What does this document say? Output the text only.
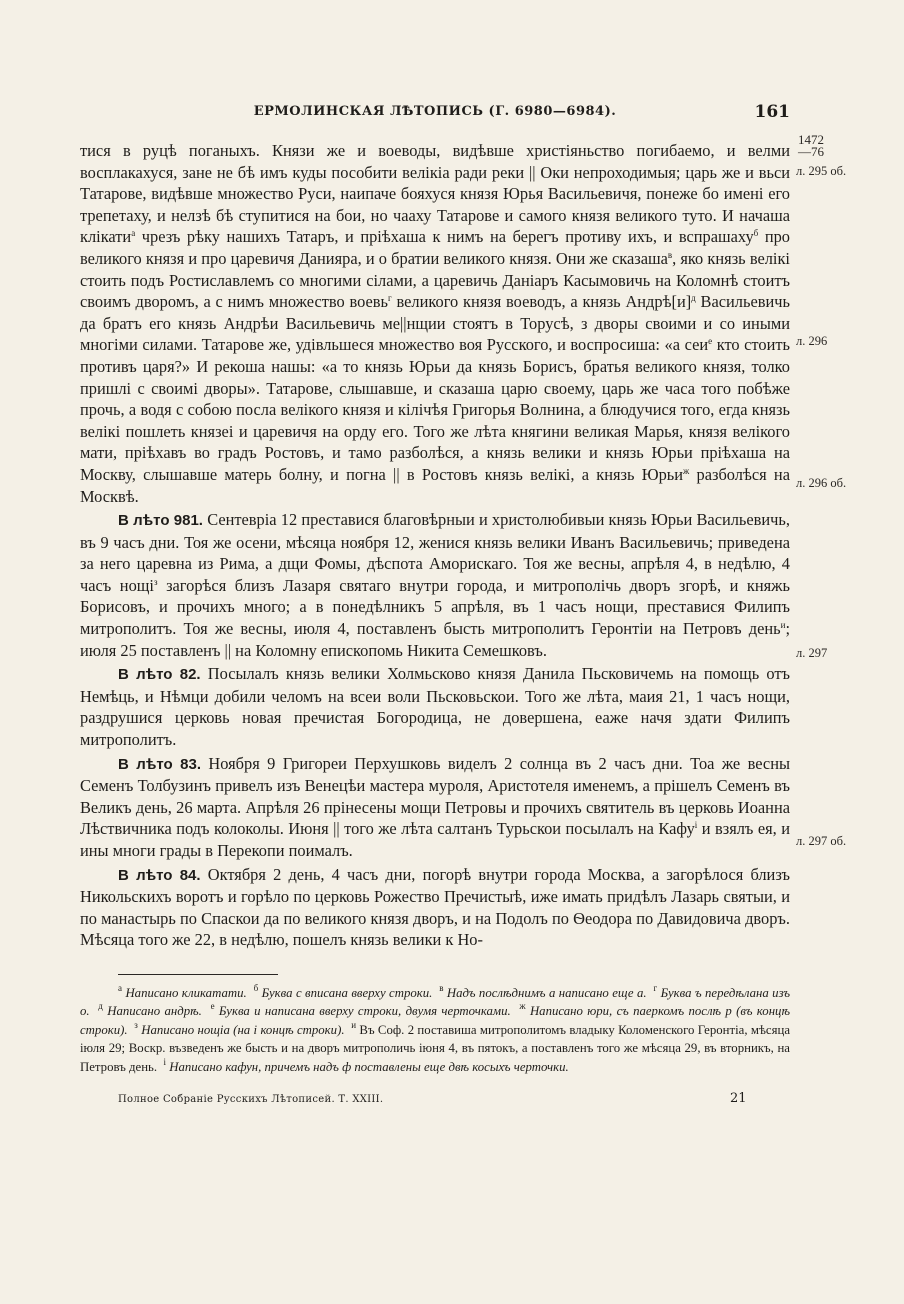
ЕРМОЛИНСКАЯ ЛѢТОПИСЬ (Г. 6980—6984).	161
1472
—76
л. 295 об.
л. 296
л. 296 об.
л. 297
л. 297 об.

тися в руцѣ поганыхъ. Князи же и воеводы, видѣвше христіяньство погибаемо, и велми восплакахуся, зане не бѣ имъ куды пособити велікіа ради реки || Оки непроходимыя; царь же и вьси Татарове, видѣвше множество Руси, наипаче бояхуся князя Юрья Васильевичя, понеже бо имені его трепетаху, и нелзѣ бѣ ступитися на бои, но чааху Татарове и самого князя великого туто. И начаша клікати$^а$ чрезъ рѣку нашихъ Татаръ, и пріѣхаша к нимъ на берегъ противу ихъ, и вспрашаху$^б$ про великого князя и про царевичя Данияра, и о братии великого князя. Они же сказаша$^в$, яко князь велікі стоить подъ Ростиславлемъ со многими сілами, а царевичь Даніаръ Касымовичь на Коломнѣ стоитъ своимъ дворомъ, а с нимъ множество воевь$^г$ великого князя воеводъ, а князь $Андрѣ[и]^д$ Васильевичь да братъ его князь Андрѣи Васильевичь ме||нщии стоятъ в Торусѣ, з дворы своими и со иными многіми силами. Татарове же, удівльшеся множество воя Русского, и воспросиша: «а сеи$^е$ кто стоить противъ царя?» И рекоша нашы: «а то князь Юрьи да князь Борисъ, братья великого князя, толко пришлі с своимі дворы». Татарове, слышавше, и сказаша царю своему, царь же часа того побѣже прочь, а водя с собою посла велікого князя и кілічѣя Григорья Волнина, а блюдучися того, егда князь велікі пошлеть князеі и царевичя на орду его. Того же лѣта княгини великая Марья, князя велікого мати, пріѣхавъ во градъ Ростовъ, и тамо разболѣся, а князь велики и князь Юрьи пріѣхаша на Москву, слышавше матерь болну, и погна || в Ростовъ князь велікі, а князь Юрьи$^ж$ разболѣся на Москвѣ.

В лѣто 981. Сентевріа 12 преставися благовѣрныи и христолюбивыи князь Юрьи Васильевичь, въ 9 часъ дни. Тоя же осени, мѣсяца ноября 12, женися князь велики Иванъ Васильевичь; приведена за него царевна из Рима, а дщи Фомы, дѣспота Аморискаго. Тоя же весны, апрѣля 4, в недѣлю, 4 часъ нощі$^з$ загорѣся близъ Лазаря святаго внутри города, и митрополічь дворъ згорѣ, и княжь Борисовъ, и прочихъ много; а в понедѣлникъ 5 апрѣля, въ 1 часъ нощи, преставися Филипъ митрополитъ. Тоя же весны, июля 4, поставленъ бысть митрополитъ Геронтіи на Петровъ день$^и$; июля 25 поставленъ || на Коломну епископомь Никита Семешковъ.

В лѣто 82. Посылалъ князь велики Холмьсково князя Данила Пьсковичемь на помощь отъ Немѣць, и Нѣмци добили челомъ на всеи воли Пьсковьскои. Того же лѣта, маия 21, 1 часъ нощи, раздрушися церковь новая пречистая Богородица, не довершена, еаже начя здати Филипъ митрополитъ.

В лѣто 83. Ноября 9 Григореи Перхушковь виделъ 2 солнца въ 2 часъ дни. Тоа же весны Семенъ Толбузинъ привелъ изъ Венецѣи мастера муроля, Аристотеля именемъ, а прішелъ Семенъ въ Великъ день, 26 марта. Апрѣля 26 прінесены мощи Петровы и прочихъ святитель въ церковь Иоанна Лѣствичника подъ колоколы. Июня || того же лѣта салтанъ Турьскои посылалъ на Кафу$^і$ и взялъ ея, и ины многи грады в Перекопи поималъ.

В лѣто 84. Октября 2 день, 4 часъ дни, погорѣ внутри города Москва, а загорѣлося близъ Никольскихъ воротъ и горѣло по церковь Рожество Пречистыѣ, иже имать придѣлъ Лазарь святыи, и по манастырь по Спаскои да по великого князя дворъ, и на Подолъ по Ѳеодора по Давидовича дворъ. Мѣсяца того же 22, в недѣлю, пошелъ князь велики к Но-

$^а$ Написано кликатати. $^б$ Буква с вписана вверху строки. $^в$ Надъ послѣднимъ а написано еще а. $^г$ Буква ъ передѣлана изъ о. $^д$ Написано андрѣ. $^е$ Буква и написана вверху строки, двумя черточками. $^ж$ Написано юри, съ паеркомъ послѣ р (въ концѣ строки). $^з$ Написано нощіа (на і концѣ строки). $^и$ Въ Соф. 2 поставиша митрополитомъ владыку Коломенского Геронтіа, мѣсяца іюля 29; Воскр. възведенъ же бысть и на дворъ митрополичь іюня 4, въ пятокъ, а поставленъ того же мѣсяца 29, въ вторникъ, на Петровъ день. $^і$ Написано кафун, причемъ надъ ф поставлены еще двѣ косыхъ черточки.

Полное Собраніе Русскихъ Лѣтописей. Т. XXIII.	21
